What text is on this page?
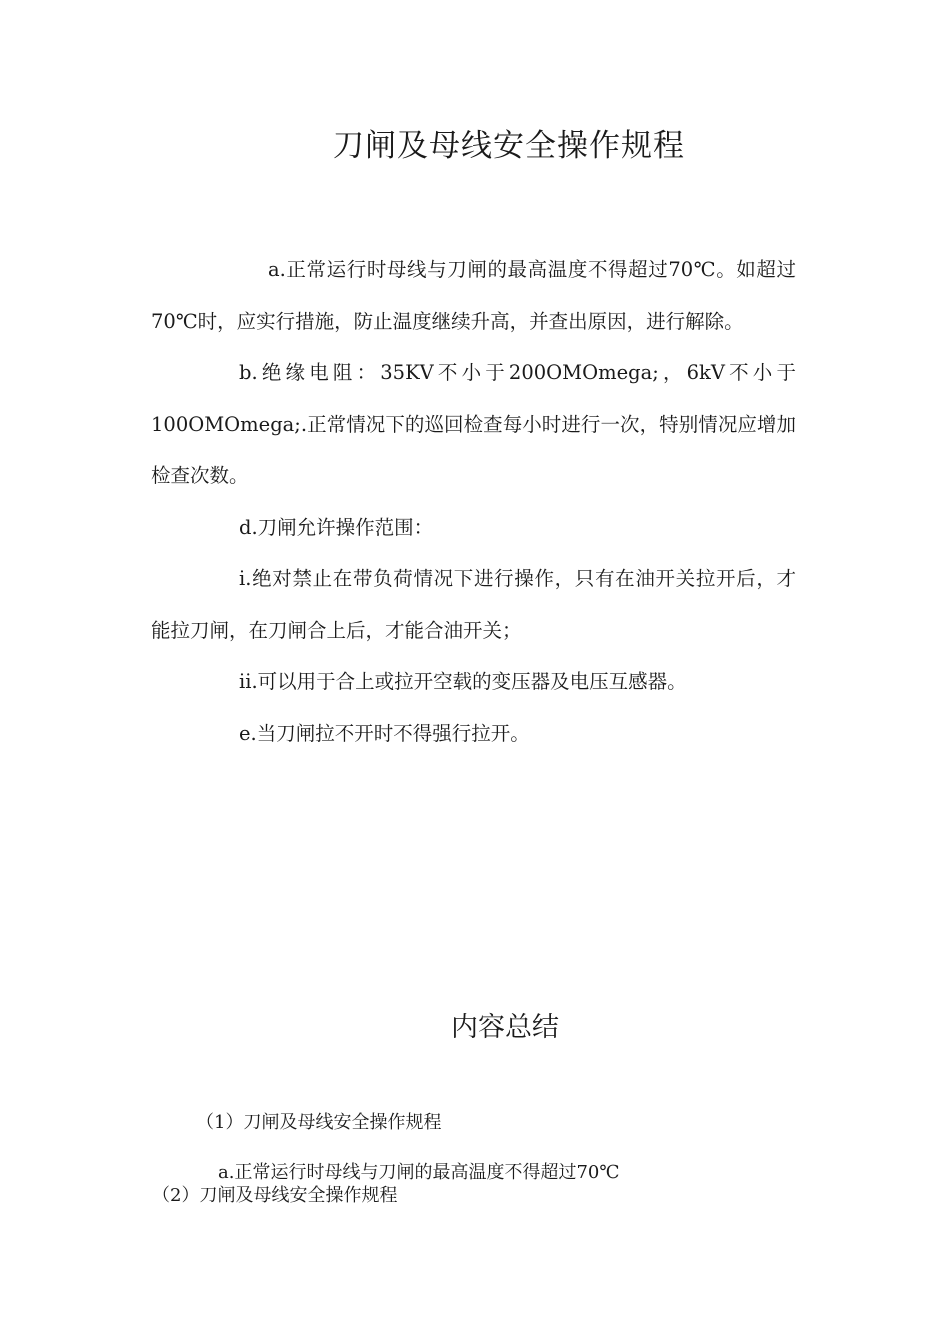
刀闸及母线安全操作规程

a.正常运行时母线与刀闸的最高温度不得超过70℃。如超过70℃时，应实行措施，防止温度继续升高，并查出原因，进行解除。

b.绝缘电阻：35KV不小于200OMOmega;，6kV不小于100OMOmega;.正常情况下的巡回检查每小时进行一次，特别情况应增加检查次数。

d.刀闸允许操作范围：

i.绝对禁止在带负荷情况下进行操作，只有在油开关拉开后，才能拉刀闸，在刀闸合上后，才能合油开关；

ii.可以用于合上或拉开空载的变压器及电压互感器。

e.当刀闸拉不开时不得强行拉开。

内容总结
（1）刀闸及母线安全操作规程
a.正常运行时母线与刀闸的最高温度不得超过70℃
（2）刀闸及母线安全操作规程
